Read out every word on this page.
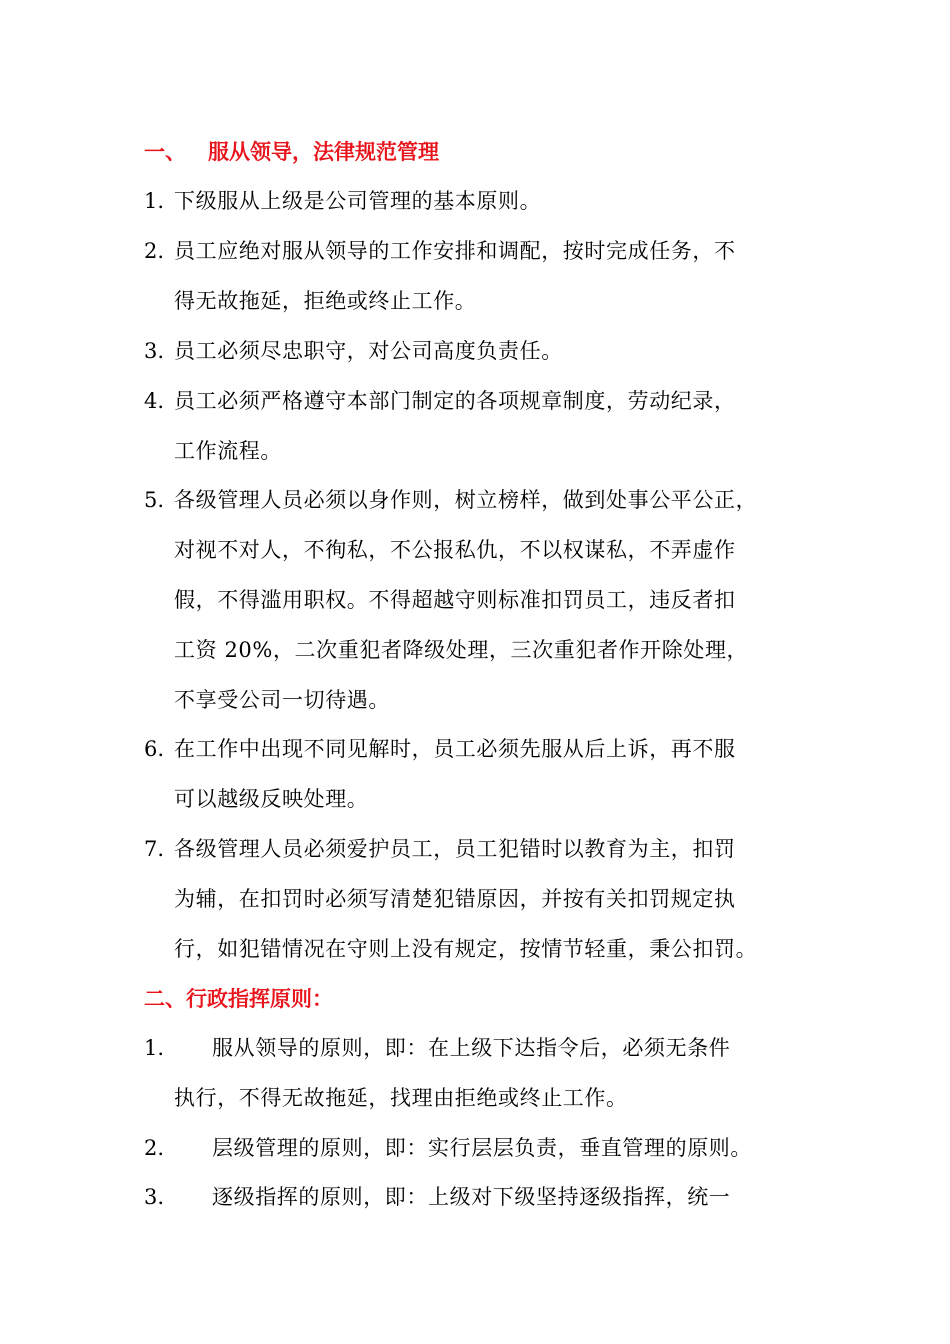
一、 服从领导，法律规范管理
1. 下级服从上级是公司管理的基本原则。
2. 员工应绝对服从领导的工作安排和调配，按时完成任务，不
得无故拖延，拒绝或终止工作。
3. 员工必须尽忠职守，对公司高度负责任。
4. 员工必须严格遵守本部门制定的各项规章制度，劳动纪录，
工作流程。
5. 各级管理人员必须以身作则，树立榜样，做到处事公平公正，
对视不对人，不徇私，不公报私仇，不以权谋私，不弄虚作
假，不得滥用职权。不得超越守则标准扣罚员工，违反者扣
工资 20%，二次重犯者降级处理，三次重犯者作开除处理，
不享受公司一切待遇。
6. 在工作中出现不同见解时，员工必须先服从后上诉，再不服
可以越级反映处理。
7. 各级管理人员必须爱护员工，员工犯错时以教育为主，扣罚
为辅，在扣罚时必须写清楚犯错原因，并按有关扣罚规定执
行，如犯错情况在守则上没有规定，按情节轻重，秉公扣罚。
二、行政指挥原则：
1. 服从领导的原则，即：在上级下达指令后，必须无条件
执行，不得无故拖延，找理由拒绝或终止工作。
2. 层级管理的原则，即：实行层层负责，垂直管理的原则。
3. 逐级指挥的原则，即：上级对下级坚持逐级指挥，统一
